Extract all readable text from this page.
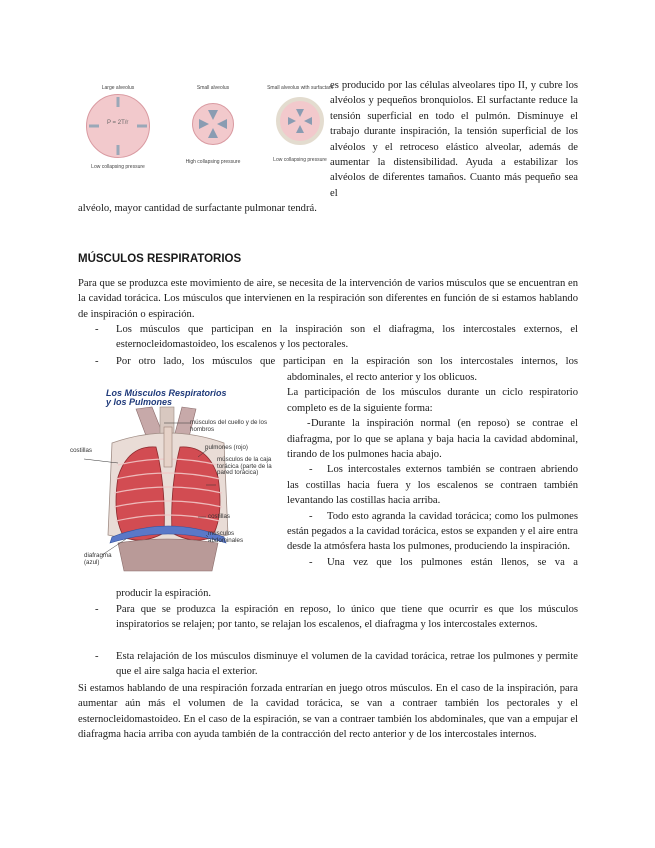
Large alveolus
P = 2T/r
Low collapsing pressure
Small alveolus
High collapsing pressure
Small alveolus with surfactant
Low collapsing pressure
es producido por las células alveolares tipo II, y cubre los alvéolos y pequeños bronquiolos. El surfactante reduce la tensión superficial en todo el pulmón. Disminuye el trabajo durante inspiración, la tensión superficial de los alvéolos y el retroceso elástico alveolar, además de aumentar la distensibilidad. Ayuda a estabilizar los alvéolos de diferentes tamaños. Cuanto más pequeño sea el
alvéolo, mayor cantidad de surfactante pulmonar tendrá.
MÚSCULOS RESPIRATORIOS
Para que se produzca este movimiento de aire, se necesita de la intervención de varios músculos que se encuentran en la cavidad torácica. Los músculos que intervienen en la respiración son diferentes en función de si estamos hablando de inspiración o espiración.
- Los músculos que participan en la inspiración son el diafragma, los intercostales externos, el esternocleidomastoideo, los escalenos y los pectorales.
- Por otro lado, los músculos que participan en la espiración son los intercostales internos, los
Los Músculos Respiratorios
y los Pulmones
músculos del cuello y de los hombros
pulmones (rojo)
músculos de la caja torácica (parte de la pared torácica)
costillas
costillas
músculos abdominales
diafragma (azul)
abdominales, el recto anterior y los oblicuos.
La participación de los músculos durante un ciclo respiratorio completo es de la siguiente forma:
- Durante la inspiración normal (en reposo) se contrae el diafragma, por lo que se aplana y baja hacia la cavidad abdominal, tirando de los pulmones hacia abajo.
- Los intercostales externos también se contraen abriendo las costillas hacia fuera y los escalenos se contraen también levantando las costillas hacia arriba.
- Todo esto agranda la cavidad torácica; como los pulmones están pegados a la cavidad torácica, estos se expanden y el aire entra desde la atmósfera hasta los pulmones, produciendo la inspiración.
- Una vez que los pulmones están llenos, se va a
producir la espiración.
- Para que se produzca la espiración en reposo, lo único que tiene que ocurrir es que los músculos inspiratorios se relajen; por tanto, se relajan los escalenos, el diafragma y los intercostales externos.
- Esta relajación de los músculos disminuye el volumen de la cavidad torácica, retrae los pulmones y permite que el aire salga hacia el exterior.
Si estamos hablando de una respiración forzada entrarían en juego otros músculos. En el caso de la inspiración, para aumentar aún más el volumen de la cavidad torácica, se van a contraer también los pectorales y el esternocleidomastoideo. En el caso de la espiración, se van a contraer también los abdominales, que van a empujar el diafragma hacia arriba con ayuda también de la contracción del recto anterior y de los intercostales internos.
